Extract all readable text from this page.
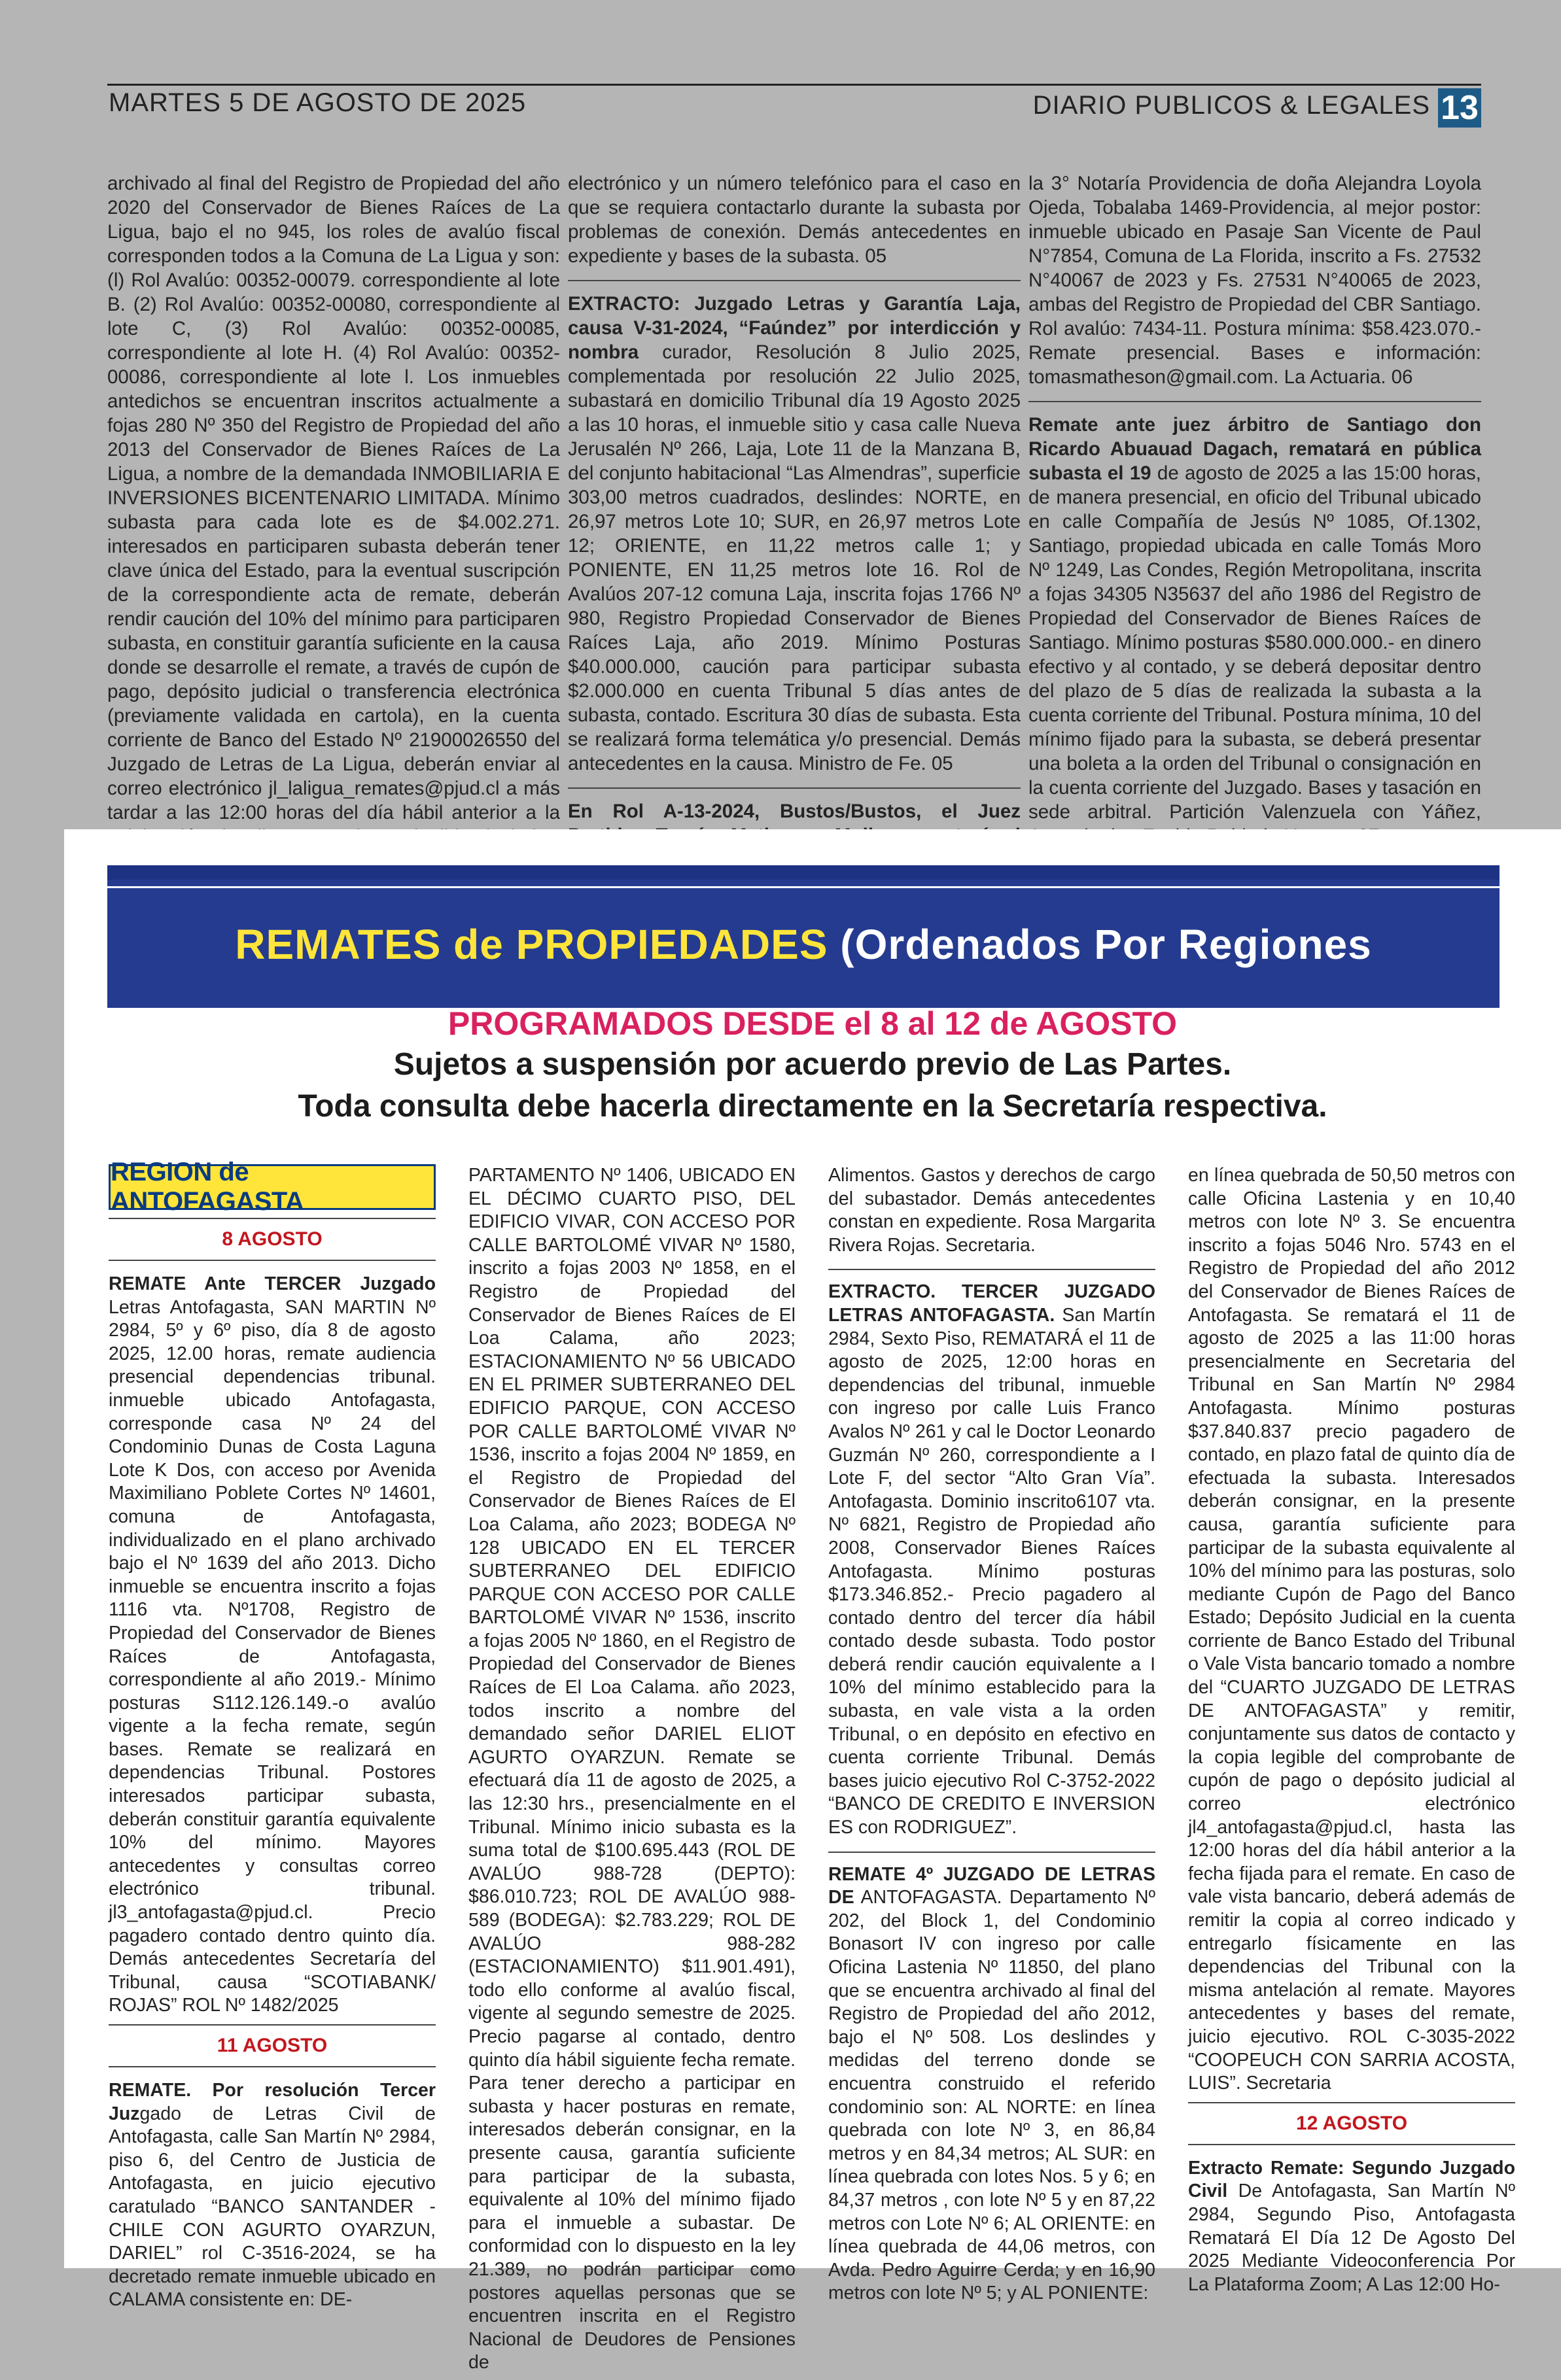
MARTES 5 DE AGOSTO DE 2025	DIARIO PUBLICOS & LEGALES 13

archivado al final del Registro de Propiedad del año 2020 del Conservador de Bienes Raíces de La Ligua, bajo el no 945, los roles de avalúo fiscal corresponden todos a la Comuna de La Ligua y son: (l) Rol Avalúo: 00352-00079. correspondiente al lote B. (2) Rol Avalúo: 00352-00080, correspondiente al lote C, (3) Rol Avalúo: 00352-00085, correspondiente al lote H. (4) Rol Avalúo: 00352-00086, correspondiente al lote l. Los inmuebles antedichos se encuentran inscritos actualmente a fojas 280 Nº 350 del Registro de Propiedad del año 2013 del Conservador de Bienes Raíces de La Ligua, a nombre de la demandada INMOBILIARIA E INVERSIONES BICENTENARIO LIMITADA. Mínimo subasta para cada lote es de $4.002.271. interesados en participaren subasta deberán tener clave única del Estado, para la eventual suscripción de la correspondiente acta de remate, deberán rendir caución del 10% del mínimo para participaren subasta, en constituir garantía suficiente en la causa donde se desarrolle el remate, a través de cupón de pago, depósito judicial o transferencia electrónica (previamente validada en cartola), en la cuenta corriente de Banco del Estado Nº 21900026550 del Juzgado de Letras de La Ligua, deberán enviar al correo electrónico jl_laligua_remates@pjud.cl a más tardar a las 12:00 horas del día hábil anterior a la

electrónico y un número telefónico para el caso en que se requiera contactarlo durante la subasta por problemas de conexión. Demás antecedentes en expediente y bases de la subasta. 05

EXTRACTO: Juzgado Letras y Garantía Laja, causa V-31-2024, “Faúndez” por interdicción y nombra curador, Resolución 8 Julio 2025, complementada por resolución 22 Julio 2025, subastará en domicilio Tribunal día 19 Agosto 2025 a las 10 horas, el inmueble sitio y casa calle Nueva Jerusalén Nº 266, Laja, Lote 11 de la Manzana B, del conjunto habitacional “Las Almendras”, superficie 303,00 metros cuadrados, deslindes: NORTE, en 26,97 metros Lote 10; SUR, en 26,97 metros Lote 12; ORIENTE, en 11,22 metros calle 1; y PONIENTE, EN 11,25 metros lote 16. Rol de Avalúos 207-12 comuna Laja, inscrita fojas 1766 Nº 980, Registro Propiedad Conservador de Bienes Raíces Laja, año 2019. Mínimo Posturas $40.000.000, caución para participar subasta $2.000.000 en cuenta Tribunal 5 días antes de subasta, contado. Escritura 30 días de subasta. Esta se realizará forma telemática y/o presencial. Demás antecedentes en la causa. Ministro de Fe. 05

En Rol A-13-2024, Bustos/Bustos, el Juez

la 3° Notaría Providencia de doña Alejandra Loyola Ojeda, Tobalaba 1469-Providencia, al mejor postor: inmueble ubicado en Pasaje San Vicente de Paul N°7854, Comuna de La Florida, inscrito a Fs. 27532 N°40067 de 2023 y Fs. 27531 N°40065 de 2023, ambas del Registro de Propiedad del CBR Santiago. Rol avalúo: 7434-11. Postura mínima: $58.423.070.- Remate presencial. Bases e información: tomasmatheson@gmail.com. La Actuaria. 06

Remate ante juez árbitro de Santiago don Ricardo Abuauad Dagach, rematará en pública subasta el 19 de agosto de 2025 a las 15:00 horas, de manera presencial, en oficio del Tribunal ubicado en calle Compañía de Jesús Nº 1085, Of.1302, Santiago, propiedad ubicada en calle Tomás Moro Nº 1249, Las Condes, Región Metropolitana, inscrita a fojas 34305 N35637 del año 1986 del Registro de Propiedad del Conservador de Bienes Raíces de Santiago. Mínimo posturas $580.000.000.- en dinero efectivo y al contado, y se deberá depositar dentro del plazo de 5 días de realizada la subasta a la cuenta corriente del Tribunal. Postura mínima, 10 del mínimo fijado para la subasta, se deberá presentar una boleta a la orden del Tribunal o consignación en la cuenta corriente del Juzgado. Bases y tasación en sede arbitral. Partición Valenzuela con Yáñez,

REMATES de PROPIEDADES (Ordenados Por Regiones
PROGRAMADOS DESDE el 8 al 12 de AGOSTO
Sujetos a suspensión por acuerdo previo de Las Partes.
Toda consulta debe hacerla directamente en la Secretaría respectiva.
REGION de ANTOFAGASTA
8 AGOSTO

REMATE Ante TERCER Juzgado Letras Antofagasta, SAN MARTIN Nº 2984, 5º y 6º piso, día 8 de agosto 2025, 12.00 horas, remate audiencia presencial dependencias tribunal. inmueble ubicado Antofagasta, corresponde casa Nº 24 del Condominio Dunas de Costa Laguna Lote K Dos, con acceso por Avenida Maximiliano Poblete Cortes Nº 14601, comuna de Antofagasta, individualizado en el plano archivado bajo el Nº 1639 del año 2013. Dicho inmueble se encuentra inscrito a fojas 1116 vta. Nº1708, Registro de Propiedad del Conservador de Bienes Raíces de Antofagasta, correspondiente al año 2019.- Mínimo posturas S112.126.149.-o avalúo vigente a la fecha remate, según bases. Remate se realizará en dependencias Tribunal. Postores interesados participar subasta, deberán constituir garantía equivalente 10% del mínimo. Mayores antecedentes y consultas correo electrónico tribunal. jl3_antofagasta@pjud.cl. Precio pagadero contado dentro quinto día. Demás antecedentes Secretaría del Tribunal, causa “SCOTIABANK/ ROJAS” ROL Nº 1482/2025

11 AGOSTO

REMATE. Por resolución Tercer Juzgado de Letras Civil de Antofagasta, calle San Martín Nº 2984, piso 6, del Centro de Justicia de Antofagasta, en juicio ejecutivo caratulado “BANCO SANTANDER - CHILE CON AGURTO OYARZUN, DARIEL” rol C-3516-2024, se ha decretado remate inmueble ubicado en CALAMA consistente en: DE-

PARTAMENTO Nº 1406, UBICADO EN EL DÉCIMO CUARTO PISO, DEL EDIFICIO VIVAR, CON ACCESO POR CALLE BARTOLOMÉ VIVAR Nº 1580, inscrito a fojas 2003 Nº 1858, en el Registro de Propiedad del Conservador de Bienes Raíces de El Loa Calama, año 2023; ESTACIONAMIENTO Nº 56 UBICADO EN EL PRIMER SUBTERRANEO DEL EDIFICIO PARQUE, CON ACCESO POR CALLE BARTOLOMÉ VIVAR Nº 1536, inscrito a fojas 2004 Nº 1859, en el Registro de Propiedad del Conservador de Bienes Raíces de El Loa Calama, año 2023; BODEGA Nº 128 UBICADO EN EL TERCER SUBTERRANEO DEL EDIFICIO PARQUE CON ACCESO POR CALLE BARTOLOMÉ VIVAR Nº 1536, inscrito a fojas 2005 Nº 1860, en el Registro de Propiedad del Conservador de Bienes Raíces de El Loa Calama. año 2023, todos inscrito a nombre del demandado señor DARIEL ELIOT AGURTO OYARZUN. Remate se efectuará día 11 de agosto de 2025, a las 12:30 hrs., presencialmente en el Tribunal. Mínimo inicio subasta es la suma total de $100.695.443 (ROL DE AVALÚO 988-728 (DEPTO): $86.010.723; ROL DE AVALÚO 988-589 (BODEGA): $2.783.229; ROL DE AVALÚO 988-282 (ESTACIONAMIENTO) $11.901.491), todo ello conforme al avalúo fiscal, vigente al segundo semestre de 2025. Precio pagarse al contado, dentro quinto día hábil siguiente fecha remate. Para tener derecho a participar en subasta y hacer posturas en remate, interesados deberán consignar, en la presente causa, garantía suficiente para participar de la subasta, equivalente al 10% del mínimo fijado para el inmueble a subastar. De conformidad con lo dispuesto en la ley 21.389, no podrán participar como postores aquellas personas que se encuentren inscrita en el Registro Nacional de Deudores de Pensiones de

Alimentos. Gastos y derechos de cargo del subastador. Demás antecedentes constan en expediente. Rosa Margarita Rivera Rojas. Secretaria.

EXTRACTO. TERCER JUZGADO LETRAS ANTOFAGASTA. San Martín 2984, Sexto Piso, REMATARÁ el 11 de agosto de 2025, 12:00 horas en dependencias del tribunal, inmueble con ingreso por calle Luis Franco Avalos Nº 261 y cal le Doctor Leonardo Guzmán Nº 260, correspondiente a I Lote F, del sector “Alto Gran Vía”. Antofagasta. Dominio inscrito6107 vta. Nº 6821, Registro de Propiedad año 2008, Conservador Bienes Raíces Antofagasta. Mínimo posturas $173.346.852.- Precio pagadero al contado dentro del tercer día hábil contado desde subasta. Todo postor deberá rendir caución equivalente a I 10% del mínimo establecido para la subasta, en vale vista a la orden Tribunal, o en depósito en efectivo en cuenta corriente Tribunal. Demás bases juicio ejecutivo Rol C-3752-2022 “BANCO DE CREDITO E INVERSION ES con RODRIGUEZ”.

REMATE 4º JUZGADO DE LETRAS DE ANTOFAGASTA. Departamento Nº 202, del Block 1, del Condominio Bonasort IV con ingreso por calle Oficina Lastenia Nº 11850, del plano que se encuentra archivado al final del Registro de Propiedad del año 2012, bajo el Nº 508. Los deslindes y medidas del terreno donde se encuentra construido el referido condominio son: AL NORTE: en línea quebrada con lote Nº 3, en 86,84 metros y en 84,34 metros; AL SUR: en línea quebrada con lotes Nos. 5 y 6; en 84,37 metros , con lote Nº 5 y en 87,22 metros con Lote Nº 6; AL ORIENTE: en línea quebrada de 44,06 metros, con Avda. Pedro Aguirre Cerda; y en 16,90 metros con lote Nº 5; y AL PONIENTE:

en línea quebrada de 50,50 metros con calle Oficina Lastenia y en 10,40 metros con lote Nº 3. Se encuentra inscrito a fojas 5046 Nro. 5743 en el Registro de Propiedad del año 2012 del Conservador de Bienes Raíces de Antofagasta. Se rematará el 11 de agosto de 2025 a las 11:00 horas presencialmente en Secretaria del Tribunal en San Martín Nº 2984 Antofagasta. Mínimo posturas $37.840.837 precio pagadero de contado, en plazo fatal de quinto día de efectuada la subasta. Interesados deberán consignar, en la presente causa, garantía suficiente para participar de la subasta equivalente al 10% del mínimo para las posturas, solo mediante Cupón de Pago del Banco Estado; Depósito Judicial en la cuenta corriente de Banco Estado del Tribunal o Vale Vista bancario tomado a nombre del “CUARTO JUZGADO DE LETRAS DE ANTOFAGASTA” y remitir, conjuntamente sus datos de contacto y la copia legible del comprobante de cupón de pago o depósito judicial al correo electrónico jl4_antofagasta@pjud.cl, hasta las 12:00 horas del día hábil anterior a la fecha fijada para el remate. En caso de vale vista bancario, deberá además de remitir la copia al correo indicado y entregarlo físicamente en las dependencias del Tribunal con la misma antelación al remate. Mayores antecedentes y bases del remate, juicio ejecutivo. ROL C-3035-2022 “COOPEUCH CON SARRIA ACOSTA, LUIS”. Secretaria

12 AGOSTO

Extracto Remate: Segundo Juzgado Civil De Antofagasta, San Martín Nº 2984, Segundo Piso, Antofagasta Rematará El Día 12 De Agosto Del 2025 Mediante Videoconferencia Por La Plataforma Zoom; A Las 12:00 Ho-
